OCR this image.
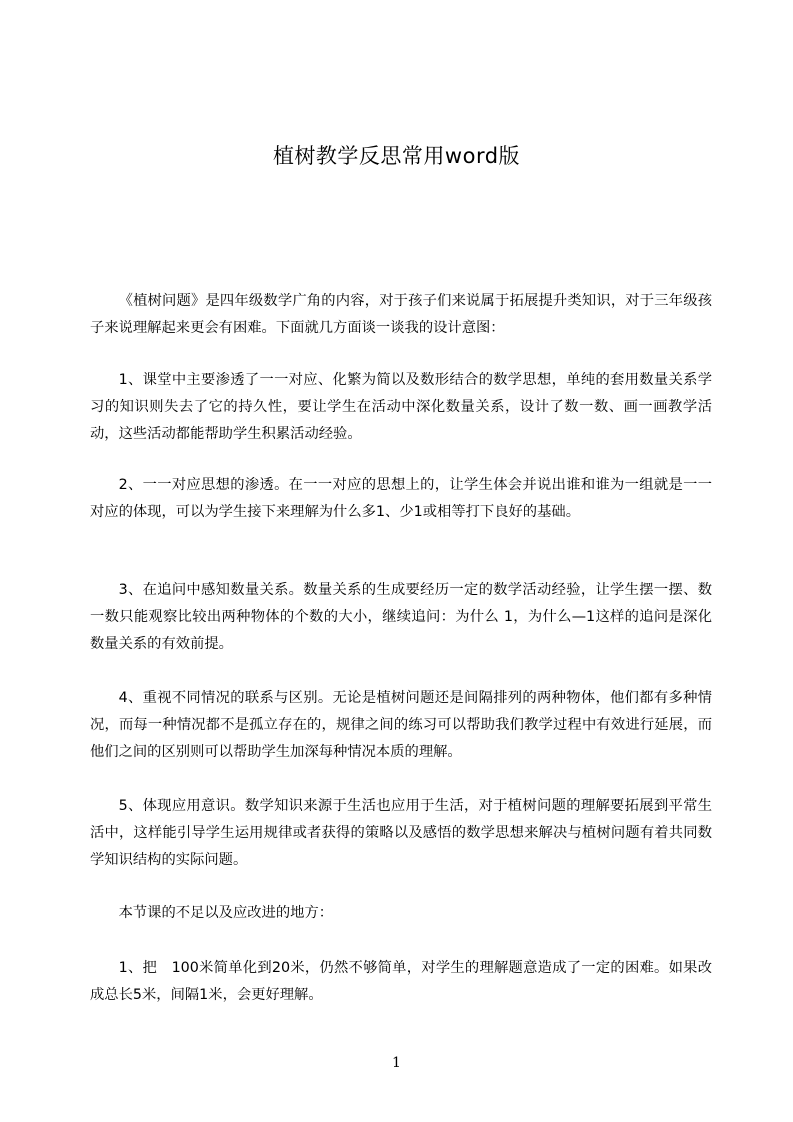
植树教学反思常用word版

《植树问题》是四年级数学广角的内容，对于孩子们来说属于拓展提升类知识，对于三年级孩子来说理解起来更会有困难。下面就几方面谈一谈我的设计意图：

1、课堂中主要渗透了一一对应、化繁为简以及数形结合的数学思想，单纯的套用数量关系学习的知识则失去了它的持久性，要让学生在活动中深化数量关系，设计了数一数、画一画教学活动，这些活动都能帮助学生积累活动经验。

2、一一对应思想的渗透。在一一对应的思想上的，让学生体会并说出谁和谁为一组就是一一对应的体现，可以为学生接下来理解为什么多1、少1或相等打下良好的基础。

3、在追问中感知数量关系。数量关系的生成要经历一定的数学活动经验，让学生摆一摆、数一数只能观察比较出两种物体的个数的大小，继续追问：为什么 1，为什么—1这样的追问是深化数量关系的有效前提。

4、重视不同情况的联系与区别。无论是植树问题还是间隔排列的两种物体，他们都有多种情况，而每一种情况都不是孤立存在的，规律之间的练习可以帮助我们教学过程中有效进行延展，而他们之间的区别则可以帮助学生加深每种情况本质的理解。

5、体现应用意识。数学知识来源于生活也应用于生活，对于植树问题的理解要拓展到平常生活中，这样能引导学生运用规律或者获得的策略以及感悟的数学思想来解决与植树问题有着共同数学知识结构的实际问题。

本节课的不足以及应改进的地方：

1、把　100米简单化到20米，仍然不够简单，对学生的理解题意造成了一定的困难。如果改成总长5米，间隔1米，会更好理解。

1
